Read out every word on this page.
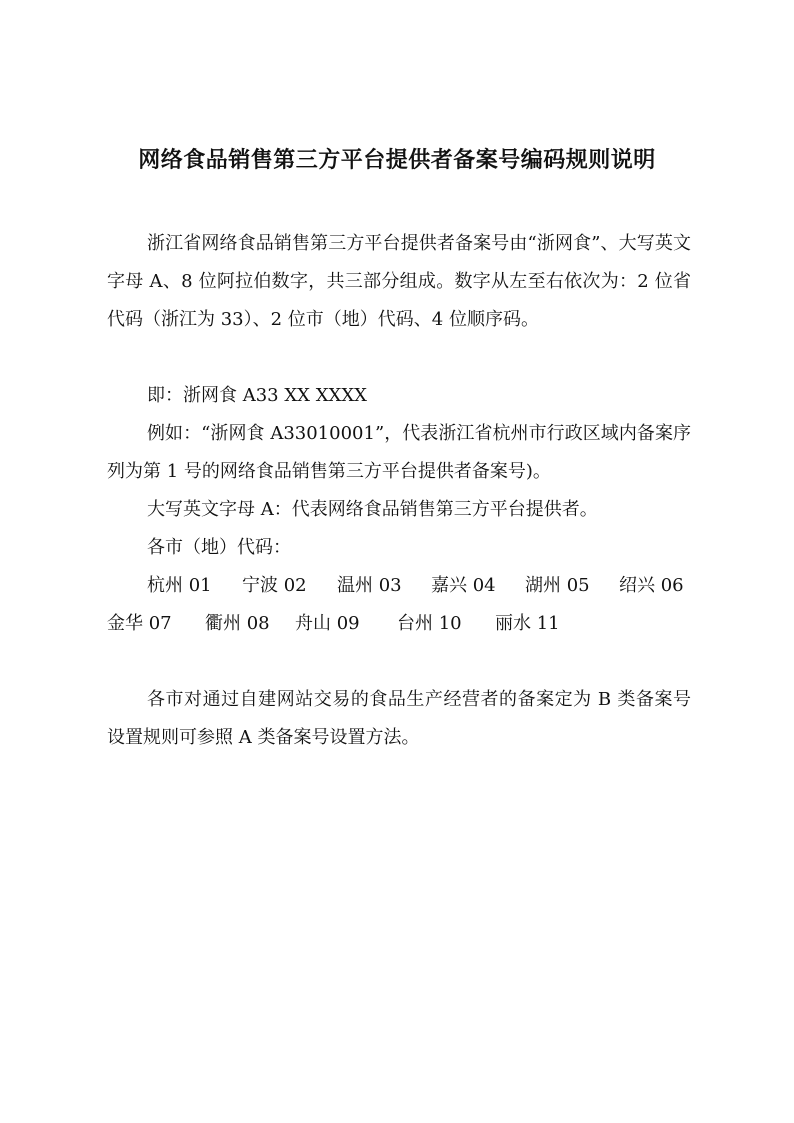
网络食品销售第三方平台提供者备案号编码规则说明

浙江省网络食品销售第三方平台提供者备案号由“浙网食”、大写英文字母 A、8 位阿拉伯数字，共三部分组成。数字从左至右依次为：2 位省代码（浙江为 33）、2 位市（地）代码、4 位顺序码。

即：浙网食 A33 XX XXXX

例如：“浙网食 A33010001”，代表浙江省杭州市行政区域内备案序列为第 1 号的网络食品销售第三方平台提供者备案号)。

大写英文字母 A：代表网络食品销售第三方平台提供者。

各市（地）代码：

杭州 01 宁波 02 温州 03 嘉兴 04 湖州 05 绍兴 06
金华 07 衢州 08 舟山 09 台州 10 丽水 11

各市对通过自建网站交易的食品生产经营者的备案定为 B 类备案号设置规则可参照 A 类备案号设置方法。
